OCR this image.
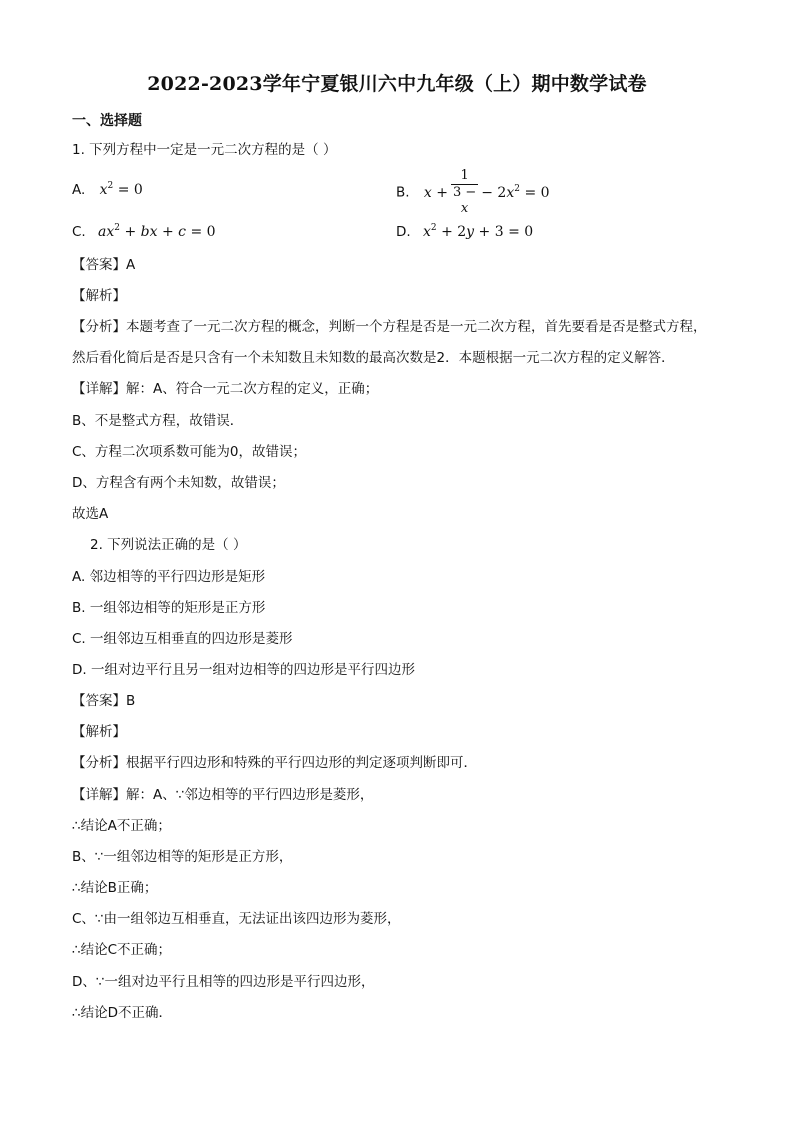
2022-2023学年宁夏银川六中九年级（上）期中数学试卷
一、选择题
1. 下列方程中一定是一元二次方程的是（ ）
A. $x^2 = 0$	B. x + 1
3 −
$x - 2x^2 = 0$
C. $ax^2$ + bx + c = 0	D. $x^2 + 2y + 3 = 0$
【答案】A
【解析】
【分析】本题考查了一元二次方程的概念，判断一个方程是否是一元二次方程，首先要看是否是整式方程，
然后看化简后是否是只含有一个未知数且未知数的最高次数是2．本题根据一元二次方程的定义解答．
【详解】解：A、符合一元二次方程的定义，正确；
B、不是整式方程，故错误．
C、方程二次项系数可能为0，故错误；
D、方程含有两个未知数，故错误；
故选A
2. 下列说法正确的是（ ）
A. 邻边相等的平行四边形是矩形
B. 一组邻边相等的矩形是正方形
C. 一组邻边互相垂直的四边形是菱形
D. 一组对边平行且另一组对边相等的四边形是平行四边形
【答案】B
【解析】
【分析】根据平行四边形和特殊的平行四边形的判定逐项判断即可．
【详解】解：A、∵邻边相等的平行四边形是菱形，
∴结论A不正确；
B、∵一组邻边相等的矩形是正方形，
∴结论B正确；
C、∵由一组邻边互相垂直，无法证出该四边形为菱形，
∴结论C不正确；
D、∵一组对边平行且相等的四边形是平行四边形，
∴结论D不正确．
